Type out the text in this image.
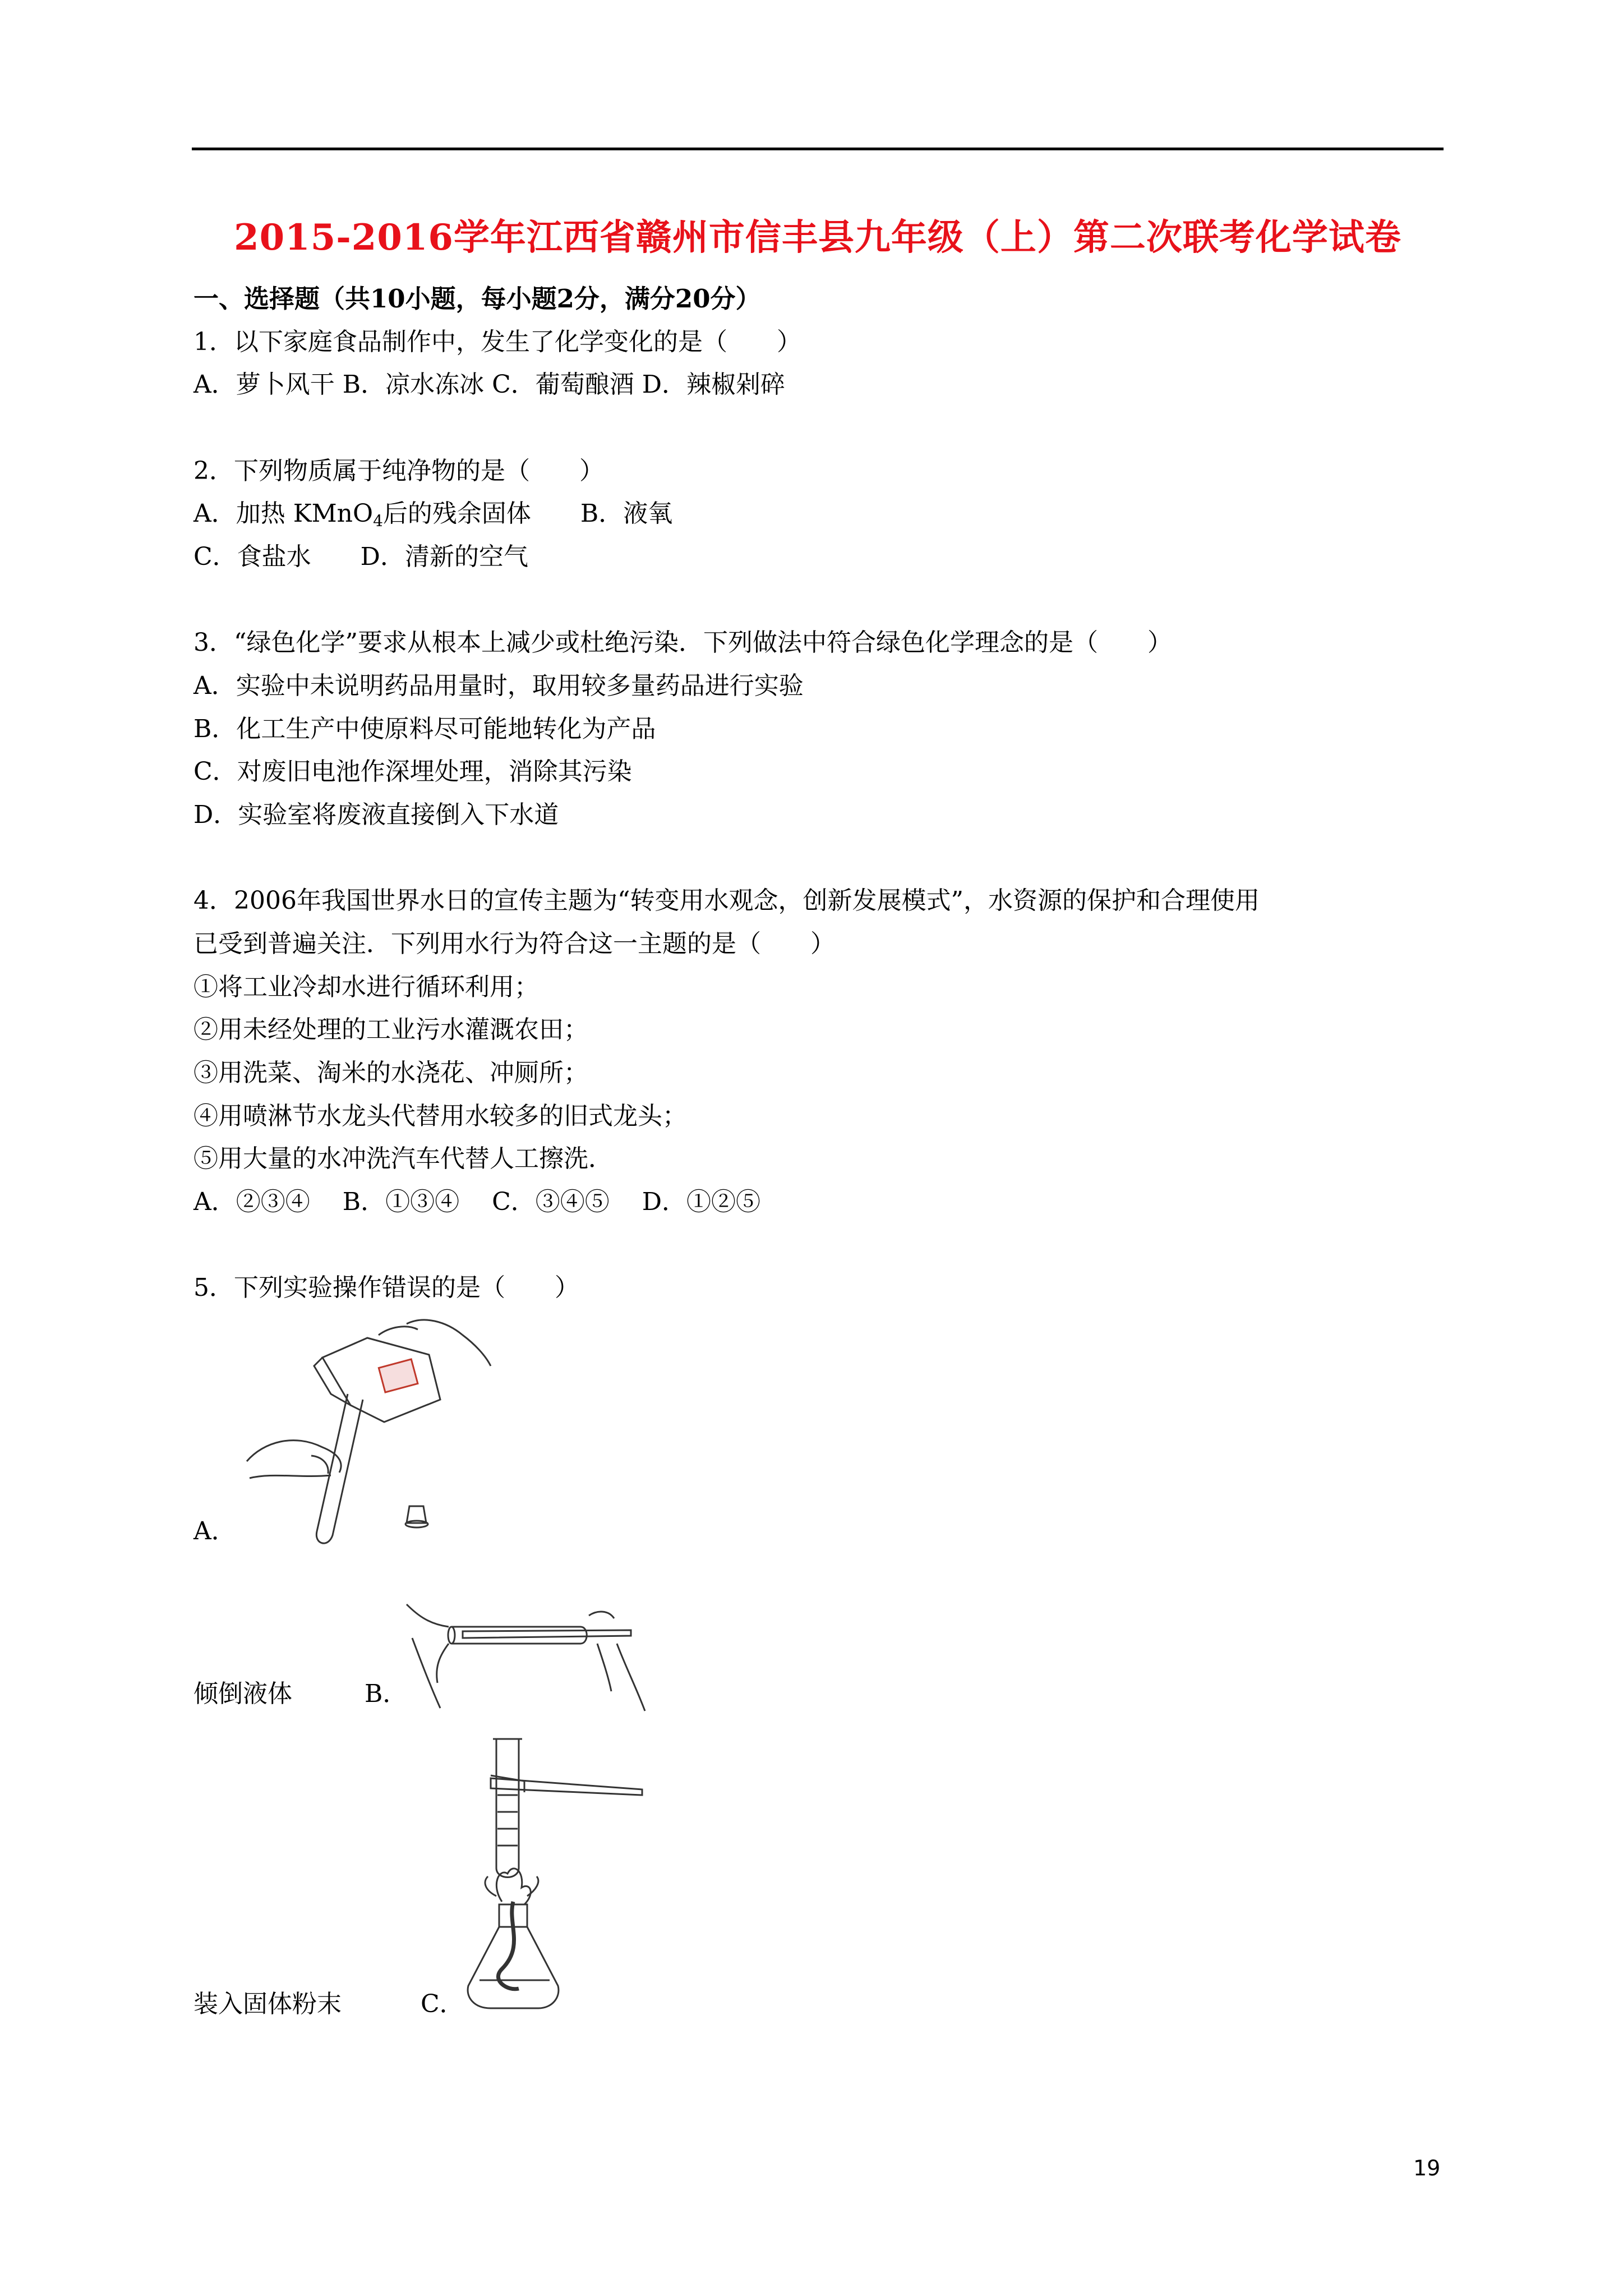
2015-2016学年江西省赣州市信丰县九年级（上）第二次联考化学试卷
一、选择题（共10小题，每小题2分，满分20分）
1．以下家庭食品制作中，发生了化学变化的是（　　）
A．萝卜风干 B．凉水冻冰 C．葡萄酿酒 D．辣椒剁碎
2．下列物质属于纯净物的是（　　）
A．加热 KMnO$_4$后的残余固体　　B．液氧
C．食盐水　　D．清新的空气
3．“绿色化学”要求从根本上减少或杜绝污染．下列做法中符合绿色化学理念的是（　　）
A．实验中未说明药品用量时，取用较多量药品进行实验
B．化工生产中使原料尽可能地转化为产品
C．对废旧电池作深埋处理，消除其污染
D．实验室将废液直接倒入下水道
4．2006年我国世界水日的宣传主题为“转变用水观念，创新发展模式”，水资源的保护和合理使用
已受到普遍关注．下列用水行为符合这一主题的是（　　）
①将工业冷却水进行循环利用；
②用未经处理的工业污水灌溉农田；
③用洗菜、淘米的水浇花、冲厕所；
④用喷淋节水龙头代替用水较多的旧式龙头；
⑤用大量的水冲洗汽车代替人工擦洗．
A．②③④　 B．①③④　 C．③④⑤　 D．①②⑤
5．下列实验操作错误的是（　　）
A．
倾倒液体	B．
装入固体粉末	C．
19
